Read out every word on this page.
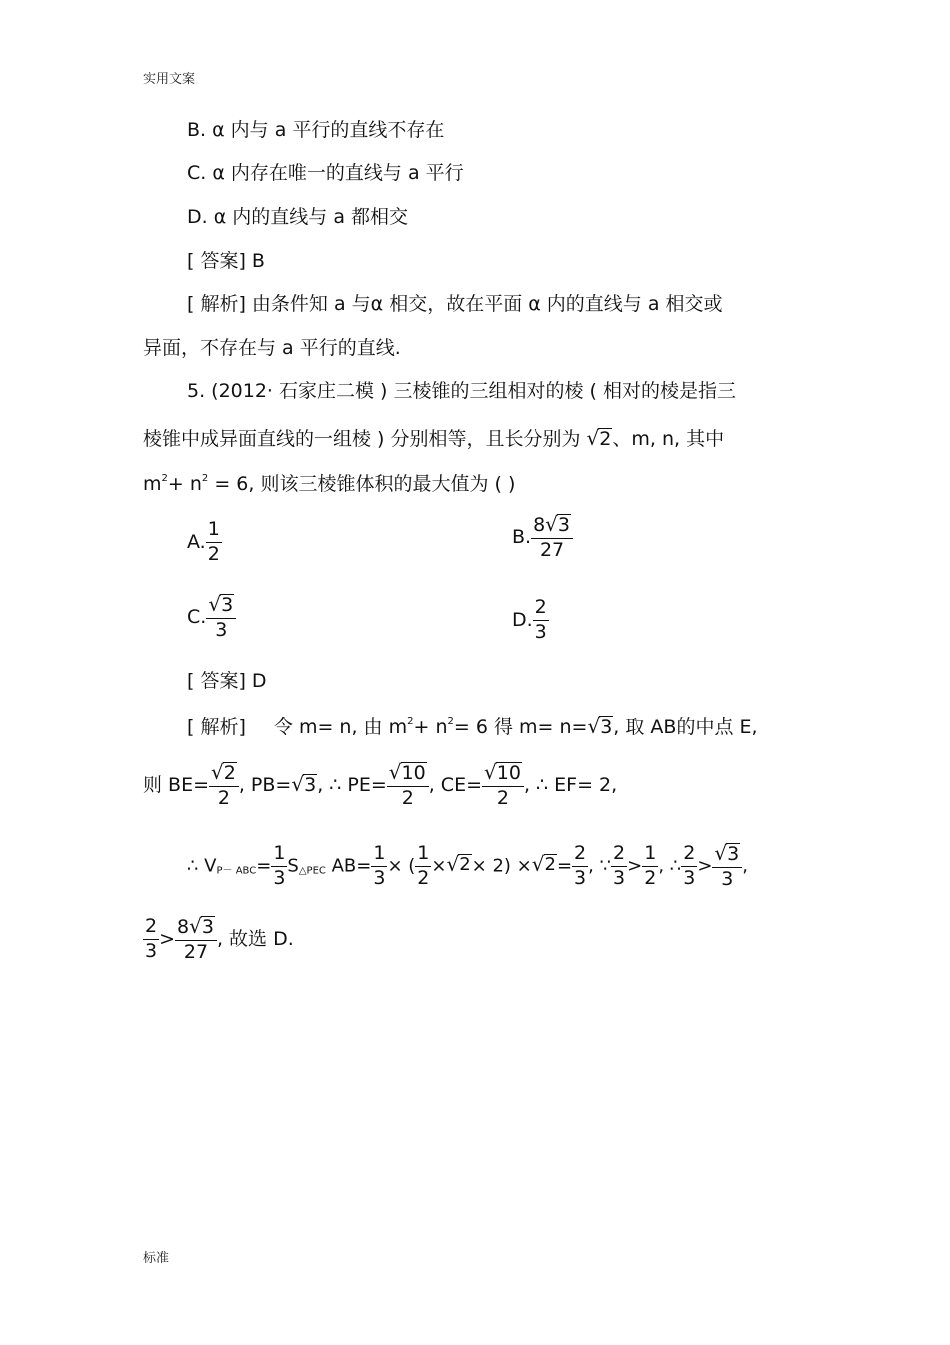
实用文案
B. α 内与 a 平行的直线不存在
C. α 内存在唯一的直线与 a 平行
D. α 内的直线与 a 都相交
[ 答案] B
[ 解析] 由条件知 a 与α 相交，故在平面 α 内的直线与 a 相交或
异面，不存在与 a 平行的直线.
5. (2012· 石家庄二模 ) 三棱锥的三组相对的棱 ( 相对的棱是指三
棱锥中成异面直线的一组棱 ) 分别相等，且长分别为 √ 2 、m, n, 其中
$m^2+ n^2 = 6$, 则该三棱锥体积的最大值为 ( )
A. $\frac{1}{2}$	B. $\frac{8 √ 3}{27}$
C. $\frac{√ 3}{3}$	D. $\frac{2}{3}$
[ 答案] D
[ 解析] 令 m= n, 由 $m^2+ n^2= 6$ 得 m= n= √ 3 , 取 AB的中点 E,
则 $BE= \frac{√ 2}{2}$ , PB= √ 3 , ∴ $PE= \frac{√ 10}{2}$ , $CE= \frac{√ 10}{2}$ , ∴ EF= 2,
∴ $V_{P- ABC}= \frac{1}{3} S_{\triangle PEC}$ $AB= \frac{1}{3}$ × ( $\frac{1}{2}$ × √ 2 × 2) × √ $2 = \frac{2}{3}$ , ∵ $\frac{2}{3} > \frac{1}{2}$ , ∴ $\frac{2}{3} > \frac{√ 3}{3}$ ,
$\frac{2}{3} > \frac{8 √ 3}{27}$ , 故选 D.
标准
